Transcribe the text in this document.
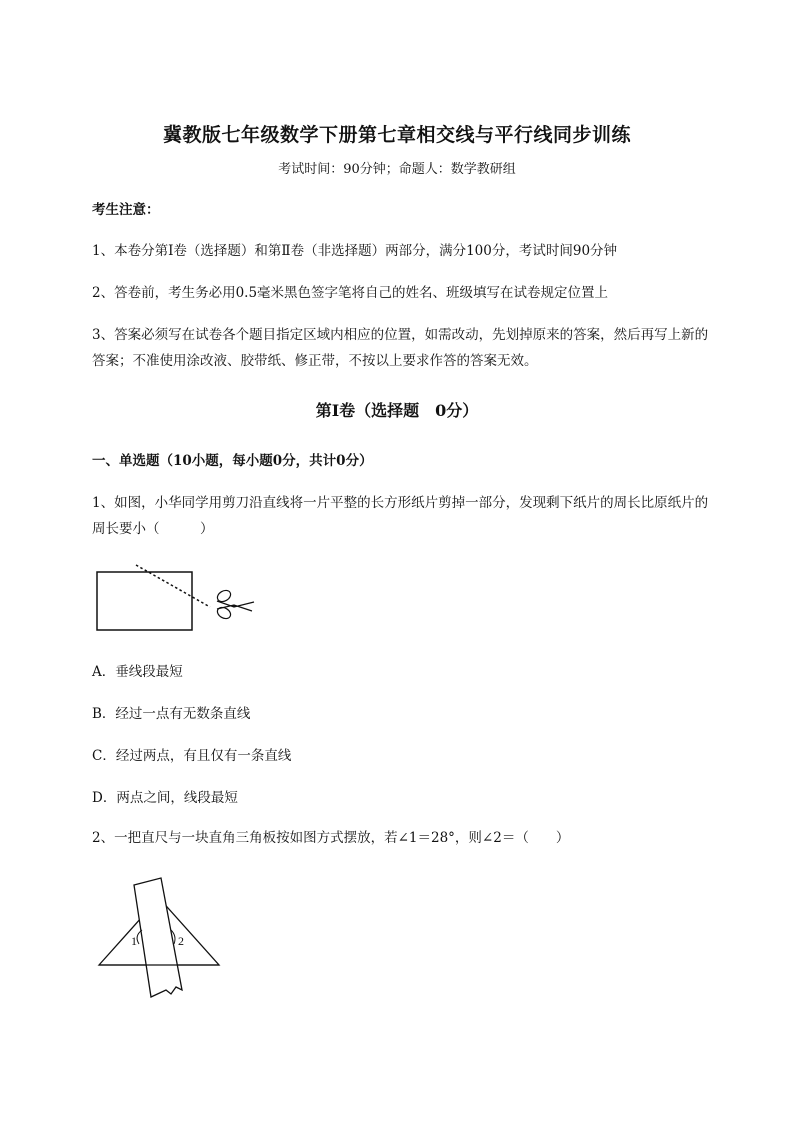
冀教版七年级数学下册第七章相交线与平行线同步训练
考试时间：90分钟；命题人：数学教研组
考生注意：
1、本卷分第I卷（选择题）和第Ⅱ卷（非选择题）两部分，满分100分，考试时间90分钟
2、答卷前，考生务必用0.5毫米黑色签字笔将自己的姓名、班级填写在试卷规定位置上
3、答案必须写在试卷各个题目指定区域内相应的位置，如需改动，先划掉原来的答案，然后再写上新的答案；不准使用涂改液、胶带纸、修正带，不按以上要求作答的答案无效。
第I卷（选择题　0分）
一、单选题（10小题，每小题0分，共计0分）
1、如图，小华同学用剪刀沿直线将一片平整的长方形纸片剪掉一部分，发现剩下纸片的周长比原纸片的周长要小（　　　）
A．垂线段最短
B．经过一点有无数条直线
C．经过两点，有且仅有一条直线
D．两点之间，线段最短
2、一把直尺与一块直角三角板按如图方式摆放，若∠1＝28°，则∠2＝（　　）
1	2
